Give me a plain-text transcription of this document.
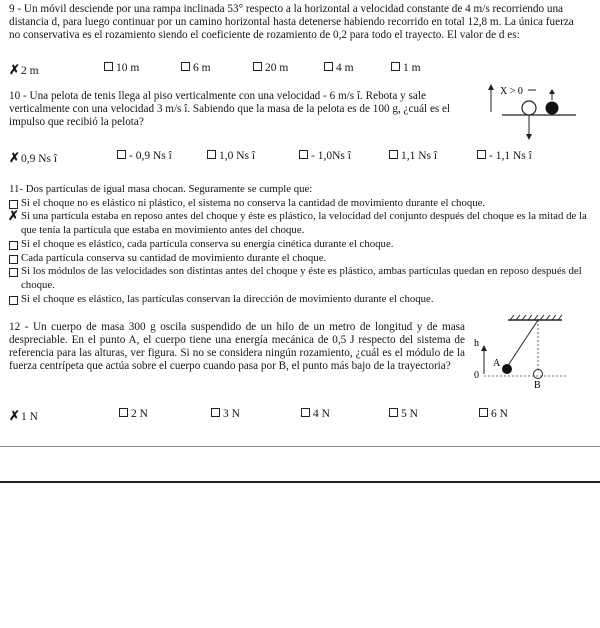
9 - Un móvil desciende por una rampa inclinada 53° respecto a la horizontal a velocidad constante de 4 m/s recorriendo una distancia d, para luego continuar por un camino horizontal hasta detenerse habiendo recorrido en total 12,8 m. La única fuerza no conservativa es el rozamiento siendo el coeficiente de rozamiento de 0,2 para todo el trayecto. El valor de d es:

✗2 m	10 m	6 m	20 m	4 m	1 m

10 - Una pelota de tenis llega al piso verticalmente con una velocidad - 6 m/s î. Rebota y sale verticalmente con una velocidad 3 m/s î. Sabiendo que la masa de la pelota es de 100 g, ¿cuál es el impulso que recibió la pelota?

X > 0
✗0,9 Ns î	- 0,9 Ns î	1,0 Ns î	- 1,0Ns î	1,1 Ns î	- 1,1 Ns î

11- Dos partículas de igual masa chocan. Seguramente se cumple que:

Si el choque no es elástico ni plástico, el sistema no conserva la cantidad de movimiento durante el choque.
✗ Si una partícula estaba en reposo antes del choque y éste es plástico, la velocidad del conjunto después del choque es la mitad de la que tenía la partícula que estaba en movimiento antes del choque.
Si el choque es elástico, cada partícula conserva su energía cinética durante el choque.
Cada partícula conserva su cantidad de movimiento durante el choque.
Si los módulos de las velocidades son distintas antes del choque y éste es plástico, ambas partículas quedan en reposo después del choque.
Si el choque es elástico, las partículas conservan la dirección de movimiento durante el choque.

12 - Un cuerpo de masa 300 g oscila suspendido de un hilo de un metro de longitud y de masa despreciable. En el punto A, el cuerpo tiene una energía mecánica de 0,5 J respecto del sistema de referencia para las alturas, ver figura. Si no se considera ningún rozamiento, ¿cuál es el módulo de la fuerza centrípeta que actúa sobre el cuerpo cuando pasa por B, el punto más bajo de la trayectoria?

h
0
A
B
✗1 N	2 N	3 N	4 N	5 N	6 N
